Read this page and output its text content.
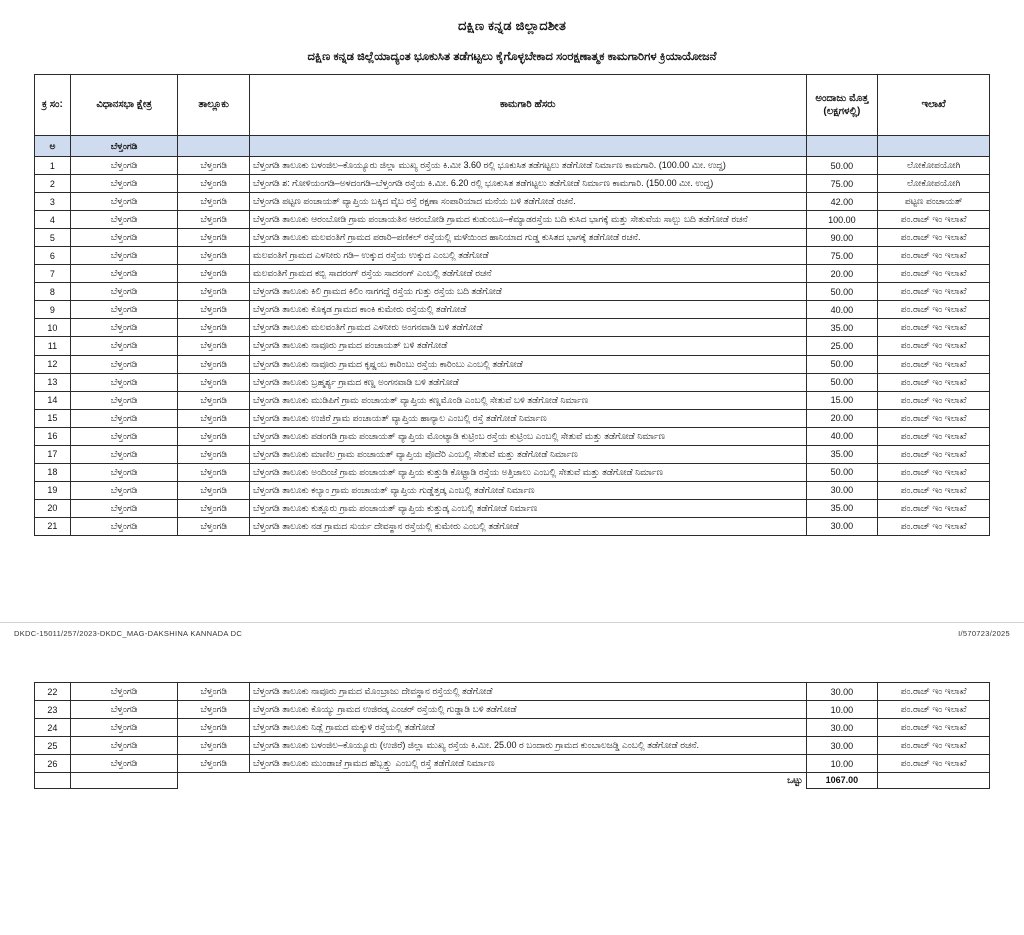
ದಕ್ಷಿಣ ಕನ್ನಡ ಜಿಲ್ಲಾದಶೀತ
ದಕ್ಷಿಣ ಕನ್ನಡ ಜಿಲ್ಲೆಯಾದ್ಯಂತ ಭೂಕುಸಿತ ತಡೆಗಟ್ಟಲು ಕೈಗೊಳ್ಳಬೇಕಾದ ಸಂರಕ್ಷಣಾತ್ಮಕ ಕಾಮಗಾರಿಗಳ ಕ್ರಿಯಾಯೋಜನೆ
ಕ್ರ ಸಂ:	ವಿಧಾನಸಭಾ ಕ್ಷೇತ್ರ	ತಾಲ್ಲೂಕು	ಕಾಮಗಾರಿ ಹೆಸರು	ಅಂದಾಜು ಮೊತ್ತ (ಲಕ್ಷಗಳಲ್ಲಿ)	ಇಲಾಖೆ
ಅ	ಬೆಳ್ತಂಗಡಿ				
1	ಬೆಳ್ತಂಗಡಿ	ಬೆಳ್ತಂಗಡಿ	ಬೆಳ್ತಂಗಡಿ ತಾಲೂಕು ಬಳಂಜಿಲ–ಕೊಯ್ಯೂರು ಜಿಲ್ಲಾ ಮುಖ್ಯ ರಸ್ತೆಯ ಕಿ.ಮೀ 3.60 ರಲ್ಲಿ ಭೂಕುಸಿತ ತಡೆಗಟ್ಟಲು ತಡೆಗೋಡೆ ನಿರ್ಮಾಣ ಕಾಮಗಾರಿ. (100.00 ಮೀ. ಉದ್ದ)	50.00	ಲೋಕೋಪಯೋಗಿ
2	ಬೆಳ್ತಂಗಡಿ	ಬೆಳ್ತಂಗಡಿ	ಬೆಳ್ತಂಗಡಿ ಶ: ಗೋಳಿಯಂಗಡಿ–ಅಳದಂಗಡಿ–ಬೆಳ್ತಂಗಡಿ ರಸ್ತೆಯ ಕಿ.ಮೀ. 6.20 ರಲ್ಲಿ ಭೂಕುಸಿತ ತಡೆಗಟ್ಟಲು ತಡೆಗೋಡೆ ನಿರ್ಮಾಣ ಕಾಮಗಾರಿ. (150.00 ಮೀ. ಉದ್ದ)	75.00	ಲೋಕೋಪಯೋಗಿ
3	ಬೆಳ್ತಂಗಡಿ	ಬೆಳ್ತಂಗಡಿ	ಬೆಳ್ತಂಗಡಿ ಪಟ್ಟಣ ಪಂಚಾಯತ್ ವ್ಯಾಪ್ತಿಯ ಬಕ್ಕಿದ ವೈಬ ರಸ್ತೆ ರಕ್ಷಣಾ ಸಂಪಾರಿಯಾದ ಮನೆಯ ಬಳಿ ತಡೆಗೋಡೆ ರಚನೆ.	42.00	ಪಟ್ಟಣ ಪಂಚಾಯತ್
4	ಬೆಳ್ತಂಗಡಿ	ಬೆಳ್ತಂಗಡಿ	ಬೆಳ್ತಂಗಡಿ ತಾಲೂಕು ಆರಂಬೋಡಿ ಗ್ರಾಮ ಪಂಚಾಯತಿನ ಆರಂಬೋಡಿ ಗ್ರಾಮದ ಕುಡುಂಬೂ–ಕೆಮ್ಯಾಡರಸ್ತೆಯ ಬದಿ ಕುಸಿದ ಭಾಗಕ್ಕೆ ಮತ್ತು ಸೇತುವೆಯ ಸಾಲ್ಬು ಬದಿ ತಡೆಗೋಡೆ ರಚನೆ	100.00	ಪಂ.ರಾಜ್ ಇಂ ಇಲಾಖೆ
5	ಬೆಳ್ತಂಗಡಿ	ಬೆಳ್ತಂಗಡಿ	ಬೆಳ್ತಂಗಡಿ ತಾಲೂಕು ಮಲವಂತಿಗೆ ಗ್ರಾಮದ ಪರಾರಿ–ಪಣಿಕಲ್ ರಸ್ತೆಯಲ್ಲಿ ಮಳೆಯಿಂದ ಹಾನಿಯಾದ ಗುಡ್ಡ ಕುಸಿತದ ಭಾಗಕ್ಕೆ ತಡೆಗೋಡೆ ರಚನೆ.	90.00	ಪಂ.ರಾಜ್ ಇಂ ಇಲಾಖೆ
6	ಬೆಳ್ತಂಗಡಿ	ಬೆಳ್ತಂಗಡಿ	ಮಲವಂತಿಗೆ ಗ್ರಾಮದ ಎಳನೀರು ಗಡಿ– ಉಕ್ಕುದ ರಸ್ತೆಯ ಉಕ್ಕುದ ಎಂಬಲ್ಲಿ ತಡೆಗೋಡೆ	75.00	ಪಂ.ರಾಜ್ ಇಂ ಇಲಾಖೆ
7	ಬೆಳ್ತಂಗಡಿ	ಬೆಳ್ತಂಗಡಿ	ಮಲವಂತಿಗೆ ಗ್ರಾಮದ ಕಬ್ಬಿ ಸಾದರಂಗ್ ರಸ್ತೆಯ ಸಾದರಂಗ್ ಎಂಬಲ್ಲಿ ತಡೆಗೋಡೆ ರಚನೆ	20.00	ಪಂ.ರಾಜ್ ಇಂ ಇಲಾಖೆ
8	ಬೆಳ್ತಂಗಡಿ	ಬೆಳ್ತಂಗಡಿ	ಬೆಳ್ತಂಗಡಿ ತಾಲೂಕು ಕಿಲಿ ಗ್ರಾಮದ ಕಿಲಿಂ ನಾಗಗದ್ದೆ ರಸ್ತೆಯ ಗುತ್ತು ರಸ್ತೆಯ ಬದಿ ತಡೆಗೋಡೆ	50.00	ಪಂ.ರಾಜ್ ಇಂ ಇಲಾಖೆ
9	ಬೆಳ್ತಂಗಡಿ	ಬೆಳ್ತಂಗಡಿ	ಬೆಳ್ತಂಗಡಿ ತಾಲೂಕು ಕೊಕ್ಕಡ ಗ್ರಾಮದ ಕಾಂಕಿ ಕುಮೇರು ರಸ್ತೆಯಲ್ಲಿ ತಡೆಗೋಡೆ	40.00	ಪಂ.ರಾಜ್ ಇಂ ಇಲಾಖೆ
10	ಬೆಳ್ತಂಗಡಿ	ಬೆಳ್ತಂಗಡಿ	ಬೆಳ್ತಂಗಡಿ ತಾಲೂಕು ಮಲವಂತಿಗೆ ಗ್ರಾಮದ ಎಳನೀರು ಅಂಗನವಾಡಿ ಬಳಿ ತಡೆಗೋಡೆ	35.00	ಪಂ.ರಾಜ್ ಇಂ ಇಲಾಖೆ
11	ಬೆಳ್ತಂಗಡಿ	ಬೆಳ್ತಂಗಡಿ	ಬೆಳ್ತಂಗಡಿ ತಾಲೂಕು ನಾವೂರು ಗ್ರಾಮದ ಪಂಚಾಯತ್ ಬಳಿ ತಡೆಗೋಡೆ	25.00	ಪಂ.ರಾಜ್ ಇಂ ಇಲಾಖೆ
12	ಬೆಳ್ತಂಗಡಿ	ಬೆಳ್ತಂಗಡಿ	ಬೆಳ್ತಂಗಡಿ ತಾಲೂಕು ನಾವೂರು ಗ್ರಾಮದ ಕೃಷ್ಣಂಬ ಕಾರಿಂಬು ರಸ್ತೆಯ ಕಾರಿಂಬು ಎಂಬಲ್ಲಿ ತಡೆಗೋಡೆ	50.00	ಪಂ.ರಾಜ್ ಇಂ ಇಲಾಖೆ
13	ಬೆಳ್ತಂಗಡಿ	ಬೆಳ್ತಂಗಡಿ	ಬೆಳ್ತಂಗಡಿ ತಾಲೂಕು ಬ್ರಹ್ಮರ್ಶ್ಯ ಗ್ರಾಮದ ಕಣ್ಣ ಅಂಗನವಾಡಿ ಬಳಿ ತಡೆಗೋಡೆ	50.00	ಪಂ.ರಾಜ್ ಇಂ ಇಲಾಖೆ
14	ಬೆಳ್ತಂಗಡಿ	ಬೆಳ್ತಂಗಡಿ	ಬೆಳ್ತಂಗಡಿ ತಾಲೂಕು ಮುಡಿಪಿಗೆ ಗ್ರಾಮ ಪಂಚಾಯತ್ ವ್ಯಾಪ್ತಿಯ ಕಣ್ಣಮೊಂಡಿ ಎಂಬಲ್ಲಿ ಸೇತುವೆ ಬಳಿ ತಡೆಗೋಡೆ ನಿರ್ಮಾಣ	15.00	ಪಂ.ರಾಜ್ ಇಂ ಇಲಾಖೆ
15	ಬೆಳ್ತಂಗಡಿ	ಬೆಳ್ತಂಗಡಿ	ಬೆಳ್ತಂಗಡಿ ತಾಲೂಕು ಉಜಿರೆ ಗ್ರಾಮ ಪಂಚಾಯತ್ ವ್ಯಾಪ್ತಿಯ ಹಾನ್ಯಾಲ ಎಂಬಲ್ಲಿ ರಸ್ತೆ ತಡೆಗೋಡೆ ನಿರ್ಮಾಣ	20.00	ಪಂ.ರಾಜ್ ಇಂ ಇಲಾಖೆ
16	ಬೆಳ್ತಂಗಡಿ	ಬೆಳ್ತಂಗಡಿ	ಬೆಳ್ತಂಗಡಿ ತಾಲೂಕು ಪಡಂಗಡಿ ಗ್ರಾಮ ಪಂಚಾಯತ್ ವ್ಯಾಪ್ತಿಯ ಮೊಂಟ್ಯಾಡಿ ಕುಟ್ರಿಂಬ ರಸ್ತೆಯ ಕುಟ್ರಿಂಬ ಎಂಬಲ್ಲಿ ಸೇತುವೆ ಮತ್ತು ತಡೆಗೋಡೆ ನಿರ್ಮಾಣ	40.00	ಪಂ.ರಾಜ್ ಇಂ ಇಲಾಖೆ
17	ಬೆಳ್ತಂಗಡಿ	ಬೆಳ್ತಂಗಡಿ	ಬೆಳ್ತಂಗಡಿ ತಾಲೂಕು ಮಾಣಿಲ ಗ್ರಾಮ ಪಂಚಾಯತ್ ವ್ಯಾಪ್ತಿಯ ಪೊದೆರಿ ಎಂಬಲ್ಲಿ ಸೇತುವೆ ಮತ್ತು ತಡೆಗೋಡೆ ನಿರ್ಮಾಣ	35.00	ಪಂ.ರಾಜ್ ಇಂ ಇಲಾಖೆ
18	ಬೆಳ್ತಂಗಡಿ	ಬೆಳ್ತಂಗಡಿ	ಬೆಳ್ತಂಗಡಿ ತಾಲೂಕು ಅಂದಿಂಜೆ ಗ್ರಾಮ ಪಂಚಾಯತ್ ವ್ಯಾಪ್ತಿಯ ಕುತ್ತುಡಿ ಕೊಟ್ಟ್ರಾಡಿ ರಸ್ತೆಯ ಅತ್ತಿಜಾಲು ಎಂಬಲ್ಲಿ ಸೇತುವೆ ಮತ್ತು ತಡೆಗೋಡೆ ನಿರ್ಮಾಣ	50.00	ಪಂ.ರಾಜ್ ಇಂ ಇಲಾಖೆ
19	ಬೆಳ್ತಂಗಡಿ	ಬೆಳ್ತಂಗಡಿ	ಬೆಳ್ತಂಗಡಿ ತಾಲೂಕು ಕಲ್ಯಾಂ ಗ್ರಾಮ ಪಂಚಾಯತ್ ವ್ಯಾಪ್ತಿಯ ಗುಡ್ಡೆತ್ತಡ್ಕ ಎಂಬಲ್ಲಿ ತಡೆಗೋಡೆ ನಿರ್ಮಾಣ	30.00	ಪಂ.ರಾಜ್ ಇಂ ಇಲಾಖೆ
20	ಬೆಳ್ತಂಗಡಿ	ಬೆಳ್ತಂಗಡಿ	ಬೆಳ್ತಂಗಡಿ ತಾಲೂಕು ಕುತ್ಲೂರು ಗ್ರಾಮ ಪಂಚಾಯತ್ ವ್ಯಾಪ್ತಿಯ ಕುತ್ತುಡ್ಕ ಎಂಬಲ್ಲಿ ತಡೆಗೋಡೆ ನಿರ್ಮಾಣ	35.00	ಪಂ.ರಾಜ್ ಇಂ ಇಲಾಖೆ
21	ಬೆಳ್ತಂಗಡಿ	ಬೆಳ್ತಂಗಡಿ	ಬೆಳ್ತಂಗಡಿ ತಾಲೂಕು ನಡ ಗ್ರಾಮದ ಸುರ್ಯ ದೇವಸ್ಥಾನ ರಸ್ತೆಯಲ್ಲಿ ಕುಮೇರು ಎಂಬಲ್ಲಿ ತಡೆಗೋಡೆ	30.00	ಪಂ.ರಾಜ್ ಇಂ ಇಲಾಖೆ
DKDC-15011/257/2023-DKDC_MAG-DAKSHINA KANNADA DC	I/570723/2025
22	ಬೆಳ್ತಂಗಡಿ	ಬೆಳ್ತಂಗಡಿ	ಬೆಳ್ತಂಗಡಿ ತಾಲೂಕು ನಾವೂರು ಗ್ರಾಮದ ಮೊಂಬ್ರಾಜು ದೇವಸ್ಥಾನ ರಸ್ತೆಯಲ್ಲಿ ತಡೆಗೋಡೆ	30.00	ಪಂ.ರಾಜ್ ಇಂ ಇಲಾಖೆ
23	ಬೆಳ್ತಂಗಡಿ	ಬೆಳ್ತಂಗಡಿ	ಬೆಳ್ತಂಗಡಿ ತಾಲೂಕು ಕೊಯ್ಯು ಗ್ರಾಮದ ಉಜಿರಡ್ಕ ಎಂಚರ್ ರಸ್ತೆಯಲ್ಲಿ ಗುಡ್ಡಾಡಿ ಬಳಿ ತಡೆಗೋಡೆ	10.00	ಪಂ.ರಾಜ್ ಇಂ ಇಲಾಖೆ
24	ಬೆಳ್ತಂಗಡಿ	ಬೆಳ್ತಂಗಡಿ	ಬೆಳ್ತಂಗಡಿ ತಾಲೂಕು ನಿಡ್ಲೆ ಗ್ರಾಮದ ಮಕ್ಕುಳಿ ರಸ್ತೆಯಲ್ಲಿ ತಡೆಗೋಡೆ	30.00	ಪಂ.ರಾಜ್ ಇಂ ಇಲಾಖೆ
25	ಬೆಳ್ತಂಗಡಿ	ಬೆಳ್ತಂಗಡಿ	ಬೆಳ್ತಂಗಡಿ ತಾಲೂಕು ಬಳಂಜಿಲ–ಕೊಯ್ಯೂರು (ಉಜಿರೆ) ಜಿಲ್ಲಾ ಮುಖ್ಯ ರಸ್ತೆಯ ಕಿ.ಮೀ. 25.00 ರ ಬಂದಾರು ಗ್ರಾಮದ ಕುಂಬಾಲಜಡ್ಡಿ ಎಂಬಲ್ಲಿ ತಡೆಗೋಡೆ ರಚನೆ.	30.00	ಪಂ.ರಾಜ್ ಇಂ ಇಲಾಖೆ
26	ಬೆಳ್ತಂಗಡಿ	ಬೆಳ್ತಂಗಡಿ	ಬೆಳ್ತಂಗಡಿ ತಾಲೂಕು ಮುಂಡಾಜೆ ಗ್ರಾಮದ ಹೆಬ್ಬತ್ತ್ತು ಎಂಬಲ್ಲಿ ರಸ್ತೆ ತಡೆಗೋಡೆ ನಿರ್ಮಾಣ	10.00	ಪಂ.ರಾಜ್ ಇಂ ಇಲಾಖೆ
		ಒಟ್ಟು		1067.00	
